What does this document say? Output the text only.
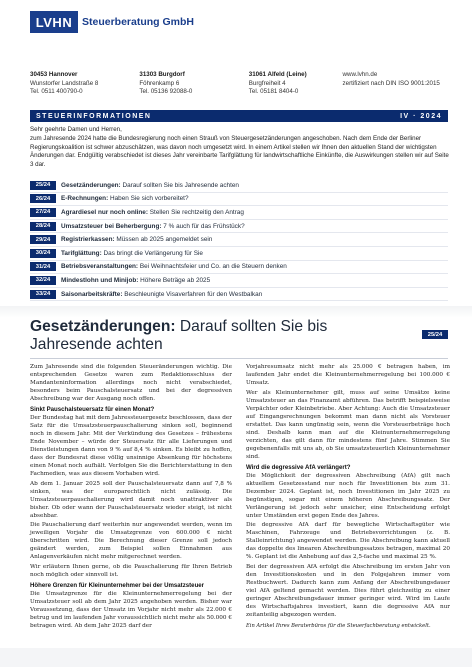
LVHN Steuerberatung GmbH
30453 Hannover
Wunstorfer Landstraße 8
Tel. 0511 400790-0
31303 Burgdorf
Föhrenkamp 6
Tel. 05136 92088-0
31061 Alfeld (Leine)
Burgfreiheit 4
Tel. 05181 8404-0
www.lvhn.de
zertifiziert nach DIN ISO 9001:2015
STEUERINFORMATIONEN	IV · 2024
Sehr geehrte Damen und Herren,
zum Jahresende 2024 hatte die Bundesregierung noch einen Strauß von Steuergesetzänderungen angeschoben. Nach dem Ende der Berliner Regierungskoalition ist schwer abzuschätzen, was davon noch umgesetzt wird. In einem Artikel stellen wir Ihnen den aktuellen Stand der wichtigsten Änderungen dar. Endgültig verabschiedet ist dieses Jahr vereinbarte Tarifglättung für landwirtschaftliche Einkünfte, die Auswirkungen stellen wir auf Seite 3 dar.
25/24	Gesetzänderungen: Darauf sollten Sie bis Jahresende achten
26/24	E-Rechnungen: Haben Sie sich vorbereitet?
27/24	Agrardiesel nur noch online: Stellen Sie rechtzeitig den Antrag
28/24	Umsatzsteuer bei Beherbergung: 7 % auch für das Frühstück?
29/24	Registrierkassen: Müssen ab 2025 angemeldet sein
30/24	Tarifglättung: Das bringt die Verlängerung für Sie
31/24	Betriebsveranstaltungen: Bei Weihnachtsfeier und Co. an die Steuern denken
32/24	Mindestlohn und Minijob: Höhere Beträge ab 2025
33/24	Saisonarbeitskräfte: Beschleunigte Visaverfahren für den Westbalkan
Gesetzänderungen: Darauf sollten Sie bis Jahresende achten
25/24

Zum Jahresende sind die folgenden Steueränderungen wichtig. Die entsprechenden Gesetze waren zum Redaktionsschluss der Mandanteninformation allerdings noch nicht verabschiedet, besonders beim Pauschalsteuersatz und bei der degressiven Abschreibung war der Ausgang noch offen.

Sinkt Pauschalsteuersatz für einen Monat?

Der Bundestag hat mit dem Jahressteuergesetz beschlossen, dass der Satz für die Umsatzsteuerpauschalierung sinken soll, beginnend noch in diesem Jahr. Mit der Verkündung des Gesetzes – frühestens Ende November – würde der Steuersatz für alle Lieferungen und Dienstleistungen dann von 9 % auf 8,4 % sinken. Es bleibt zu hoffen, dass der Bundesrat diese völlig unsinnige Absenkung für höchstens einen Monat noch aufhält. Verfolgen Sie die Berichterstattung in den Fachmedien, was aus diesem Vorhaben wird.

Ab dem 1. Januar 2025 soll der Pauschalsteuersatz dann auf 7,8 % sinken, was der europarechtlich nicht zulässig. Die Umsatzsteuerpauschalierung wird damit noch unattraktiver als bisher. Ob oder wann der Pauschalsteuersatz wieder steigt, ist nicht absehbar.

Die Pauschalierung darf weiterhin nur angewendet werden, wenn im jeweiligen Vorjahr die Umsatzgrenze von 600.000 € nicht überschritten wird. Die Berechnung dieser Grenze soll jedoch geändert werden, zum Beispiel sollen Einnahmen aus Anlagenverkäufen nicht mehr mitgerechnet werden.

Wir erläutern Ihnen gerne, ob die Pauschalierung für Ihren Betrieb noch möglich oder sinnvoll ist.

Höhere Grenzen für Kleinunternehmer bei der Umsatzsteuer

Die Umsatzgrenze für die Kleinunternehmerregelung bei der Umsatzsteuer soll ab dem Jahr 2025 angehoben werden. Bisher war Voraussetzung, dass der Umsatz im Vorjahr nicht mehr als 22.000 € betrug und im laufenden Jahr voraussichtlich nicht mehr als 50.000 € betragen wird. Ab dem Jahr 2025 darf der

Vorjahresumsatz nicht mehr als 25.000 € betragen haben, im laufenden Jahr endet die Kleinunternehmerregelung bei 100.000 € Umsatz.

Wer als Kleinunternehmer gilt, muss auf seine Umsätze keine Umsatzsteuer an das Finanzamt abführen. Das betrifft beispielsweise Verpächter oder Kleinbetriebe. Aber Achtung: Auch die Umsatzsteuer auf Eingangsrechnungen bekommt man dann nicht als Vorsteuer erstattet. Das kann ungünstig sein, wenn die Vorsteuerbeträge hoch sind. Deshalb kann man auf die Kleinunternehmerregelung verzichten, das gilt dann für mindestens fünf Jahre. Stimmen Sie gegebenenfalls mit uns ab, ob Sie umsatzsteuerlich Kleinunternehmer sind.

Wird die degressive AfA verlängert?

Die Möglichkeit der degressiven Abschreibung (AfA) gilt nach aktuellem Gesetzesstand nur noch für Investitionen bis zum 31. Dezember 2024. Geplant ist, noch Investitionen im Jahr 2025 zu begünstigen, sogar mit einem höheren Abschreibungssatz. Der Verlängerung ist jedoch sehr unsicher, eine Entscheidung erfolgt unter Umständen erst gegen Ende des Jahres.

Die degressive AfA darf für bewegliche Wirtschaftsgüter wie Maschinen, Fahrzeuge und Betriebsvorrichtungen (z. B. Stalleinrichtung) angewendet werden. Die Abschreibung kann aktuell das doppelte des linearen Abschreibungssatzes betragen, maximal 20 %. Geplant ist die Anhebung auf das 2,5-fache und maximal 25 %.

Bei der degressiven AfA erfolgt die Abschreibung im ersten Jahr von den Investitionskosten und in den Folgejahren immer vom Restbuchwert. Dadurch kann zum Anfang der Abschreibungsdauer viel AfA geltend gemacht werden. Dies führt gleichzeitig zu einer geringer Abschreibungsdauer immer geringer wird. Wird im Laufe des Wirtschaftsjahres investiert, kann die degressive AfA nur zeitanteilig abgezogen werden.

Ein Artikel Ihres Beraterbüros für die Steuerfachberatung entwickelt.
